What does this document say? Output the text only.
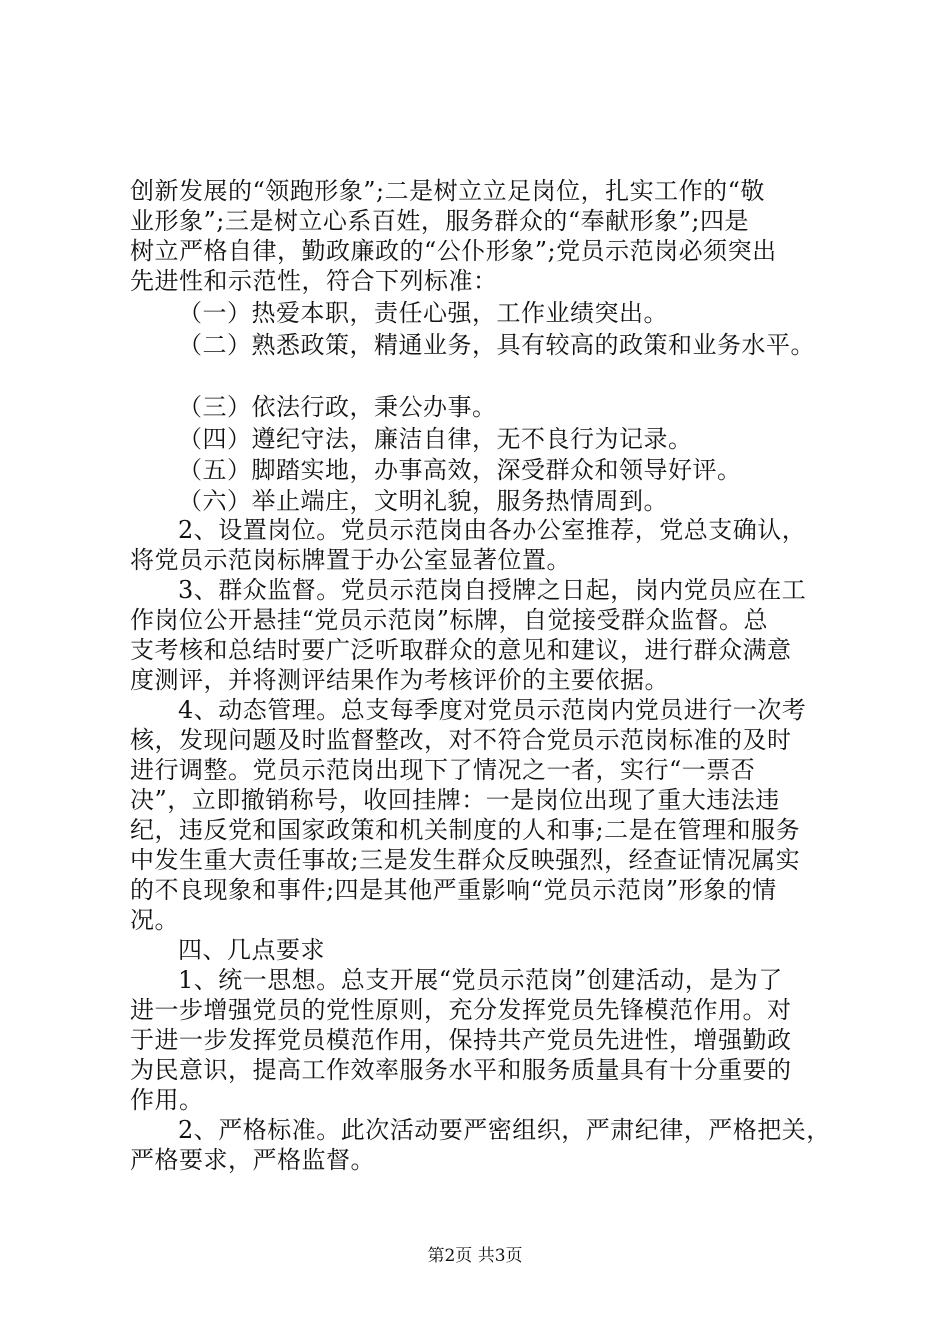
创新发展的“领跑形象”;二是树立立足岗位，扎实工作的“敬
业形象”;三是树立心系百姓，服务群众的“奉献形象”;四是
树立严格自律，勤政廉政的“公仆形象”;党员示范岗必须突出
先进性和示范性，符合下列标准：
（一）热爱本职，责任心强，工作业绩突出。
（二）熟悉政策，精通业务，具有较高的政策和业务水平。
（三）依法行政，秉公办事。
（四）遵纪守法，廉洁自律，无不良行为记录。
（五）脚踏实地，办事高效，深受群众和领导好评。
（六）举止端庄，文明礼貌，服务热情周到。
2、设置岗位。党员示范岗由各办公室推荐，党总支确认，
将党员示范岗标牌置于办公室显著位置。
3、群众监督。党员示范岗自授牌之日起，岗内党员应在工
作岗位公开悬挂“党员示范岗”标牌，自觉接受群众监督。总
支考核和总结时要广泛听取群众的意见和建议，进行群众满意
度测评，并将测评结果作为考核评价的主要依据。
4、动态管理。总支每季度对党员示范岗内党员进行一次考
核，发现问题及时监督整改，对不符合党员示范岗标准的及时
进行调整。党员示范岗出现下了情况之一者，实行“一票否
决”，立即撤销称号，收回挂牌：一是岗位出现了重大违法违
纪，违反党和国家政策和机关制度的人和事;二是在管理和服务
中发生重大责任事故;三是发生群众反映强烈，经查证情况属实
的不良现象和事件;四是其他严重影响“党员示范岗”形象的情
况。
四、几点要求
1、统一思想。总支开展“党员示范岗”创建活动，是为了
进一步增强党员的党性原则，充分发挥党员先锋模范作用。对
于进一步发挥党员模范作用，保持共产党员先进性，增强勤政
为民意识，提高工作效率服务水平和服务质量具有十分重要的
作用。
2、严格标准。此次活动要严密组织，严肃纪律，严格把关，
严格要求，严格监督。
第2页 共3页
